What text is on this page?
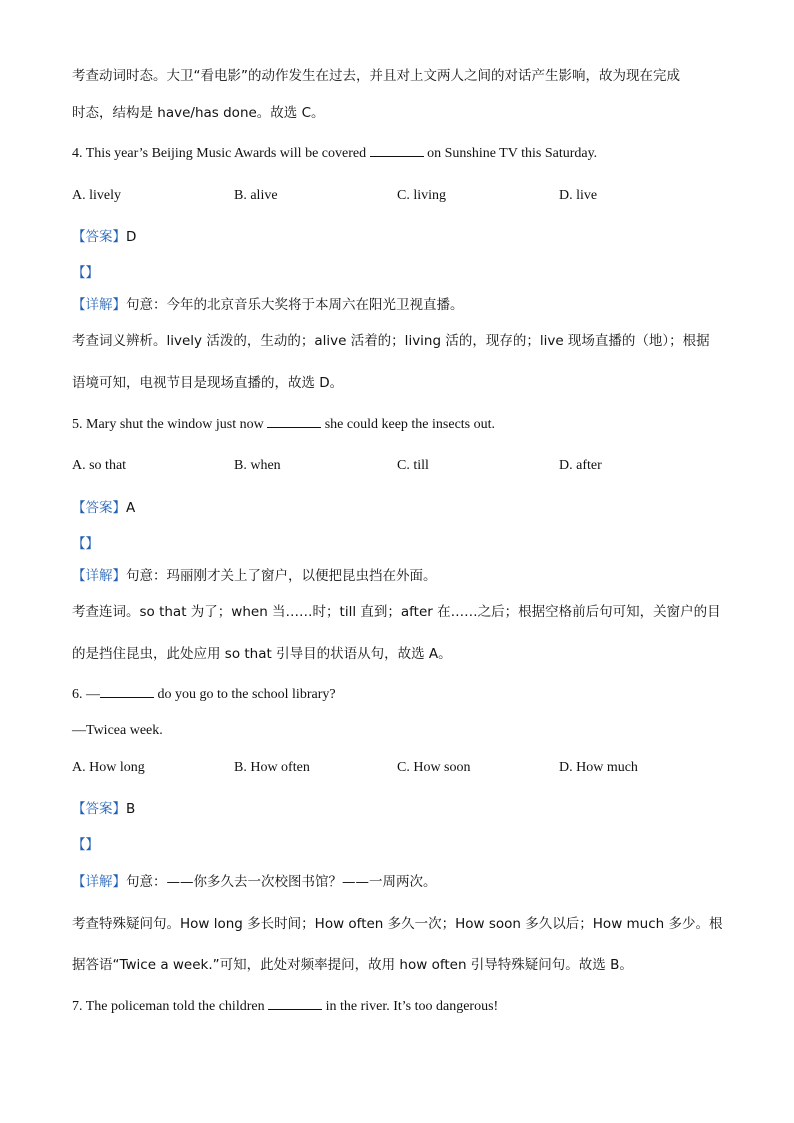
考查动词时态。大卫“看电影”的动作发生在过去，并且对上文两人之间的对话产生影响，故为现在完成
时态，结构是 have/has done。故选 C。
4. This year’s Beijing Music Awards will be covered	on Sunshine TV this Saturday.
A. lively	B. alive	C. living	D. live
【答案】D
【】
【详解】句意：今年的北京音乐大奖将于本周六在阳光卫视直播。
考查词义辨析。lively 活泼的，生动的；alive 活着的；living 活的，现存的；live 现场直播的（地）；根据
语境可知，电视节目是现场直播的，故选 D。
5. Mary shut the window just now	she could keep the insects out.
A. so that	B. when	C. till	D. after
【答案】A
【】
【详解】句意：玛丽刚才关上了窗户，以便把昆虫挡在外面。
考查连词。so that 为了；when 当……时；till 直到；after 在……之后；根据空格前后句可知，关窗户的目
的是挡住昆虫，此处应用 so that 引导目的状语从句，故选 A。
6. —	do you go to the school library?
—Twicea week.
A. How long	B. How often	C. How soon	D. How much
【答案】B
【】
【详解】句意：——你多久去一次校图书馆？——一周两次。
考查特殊疑问句。How long 多长时间；How often 多久一次；How soon 多久以后；How much 多少。根
据答语“Twice a week.”可知，此处对频率提问，故用 how often 引导特殊疑问句。故选 B。
7. The policeman told the children	in the river. It’s too dangerous!
